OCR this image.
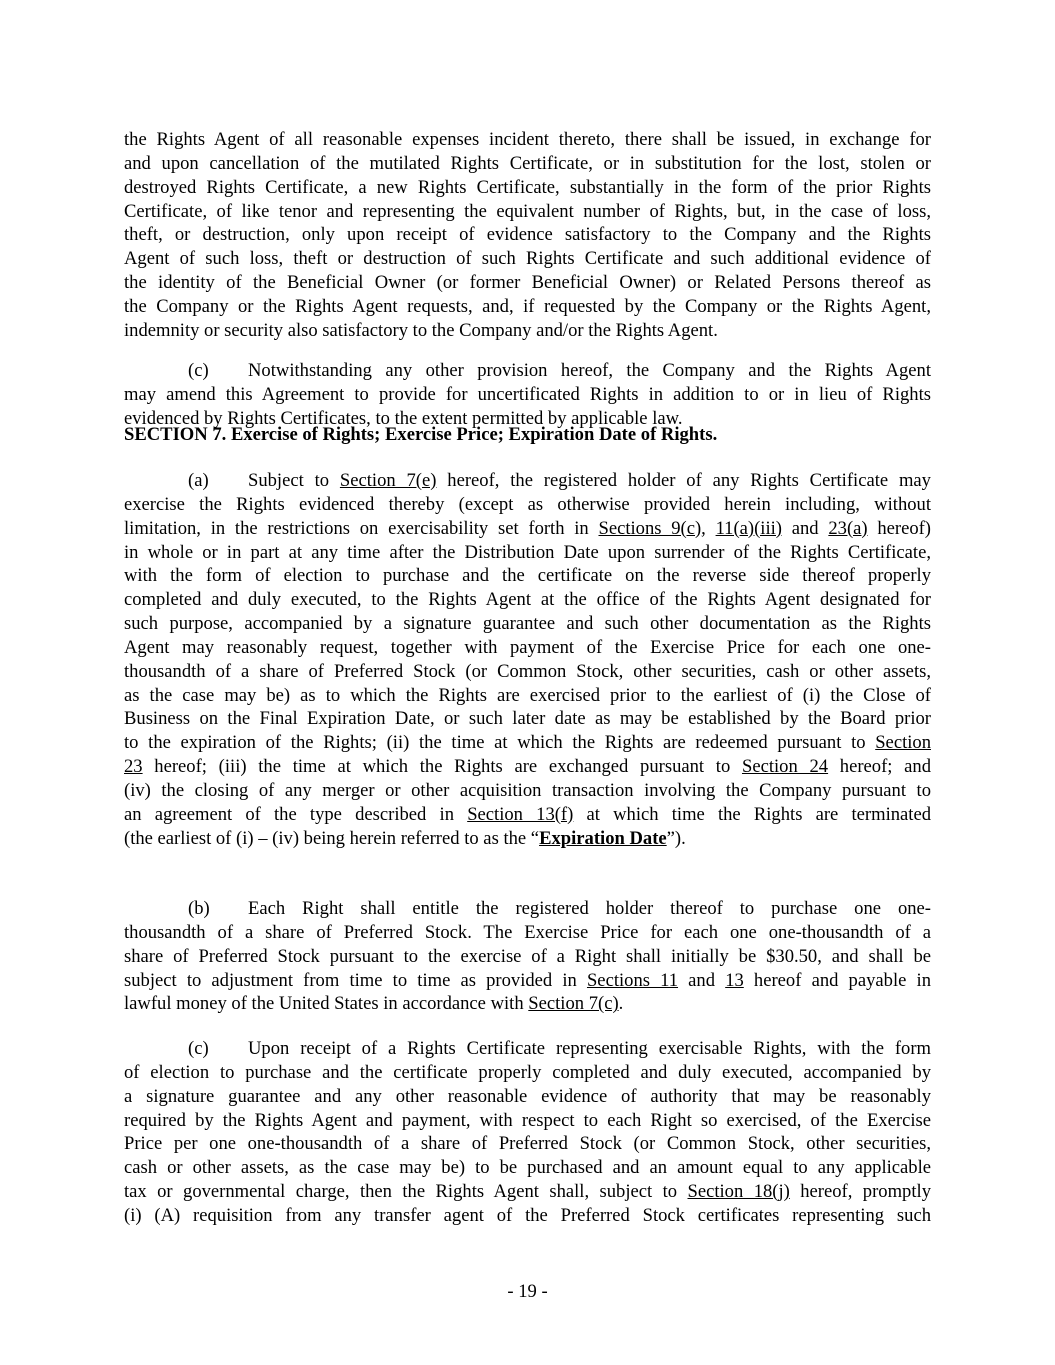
the Rights Agent of all reasonable expenses incident thereto, there shall be issued, in exchange for
and upon cancellation of the mutilated Rights Certificate, or in substitution for the lost, stolen or
destroyed Rights Certificate, a new Rights Certificate, substantially in the form of the prior Rights
Certificate, of like tenor and representing the equivalent number of Rights, but, in the case of loss,
theft, or destruction, only upon receipt of evidence satisfactory to the Company and the Rights
Agent of such loss, theft or destruction of such Rights Certificate and such additional evidence of
the identity of the Beneficial Owner (or former Beneficial Owner) or Related Persons thereof as
the Company or the Rights Agent requests, and, if requested by the Company or the Rights Agent,
indemnity or security also satisfactory to the Company and/or the Rights Agent.
(c) Notwithstanding any other provision hereof, the Company and the Rights Agent
may amend this Agreement to provide for uncertificated Rights in addition to or in lieu of Rights
evidenced by Rights Certificates, to the extent permitted by applicable law.
SECTION 7. Exercise of Rights; Exercise Price; Expiration Date of Rights.
(a) Subject to Section 7(e) hereof, the registered holder of any Rights Certificate may
exercise the Rights evidenced thereby (except as otherwise provided herein including, without
limitation, in the restrictions on exercisability set forth in Sections 9(c), 11(a)(iii) and 23(a) hereof)
in whole or in part at any time after the Distribution Date upon surrender of the Rights Certificate,
with the form of election to purchase and the certificate on the reverse side thereof properly
completed and duly executed, to the Rights Agent at the office of the Rights Agent designated for
such purpose, accompanied by a signature guarantee and such other documentation as the Rights
Agent may reasonably request, together with payment of the Exercise Price for each one one-
thousandth of a share of Preferred Stock (or Common Stock, other securities, cash or other assets,
as the case may be) as to which the Rights are exercised prior to the earliest of (i) the Close of
Business on the Final Expiration Date, or such later date as may be established by the Board prior
to the expiration of the Rights; (ii) the time at which the Rights are redeemed pursuant to Section
23 hereof; (iii) the time at which the Rights are exchanged pursuant to Section 24 hereof; and
(iv) the closing of any merger or other acquisition transaction involving the Company pursuant to
an agreement of the type described in Section 13(f) at which time the Rights are terminated
(the earliest of (i) – (iv) being herein referred to as the “Expiration Date”).
(b) Each Right shall entitle the registered holder thereof to purchase one one-
thousandth of a share of Preferred Stock. The Exercise Price for each one one-thousandth of a
share of Preferred Stock pursuant to the exercise of a Right shall initially be $30.50, and shall be
subject to adjustment from time to time as provided in Sections 11 and 13 hereof and payable in
lawful money of the United States in accordance with Section 7(c).
(c) Upon receipt of a Rights Certificate representing exercisable Rights, with the form
of election to purchase and the certificate properly completed and duly executed, accompanied by
a signature guarantee and any other reasonable evidence of authority that may be reasonably
required by the Rights Agent and payment, with respect to each Right so exercised, of the Exercise
Price per one one-thousandth of a share of Preferred Stock (or Common Stock, other securities,
cash or other assets, as the case may be) to be purchased and an amount equal to any applicable
tax or governmental charge, then the Rights Agent shall, subject to Section 18(j) hereof, promptly
(i) (A) requisition from any transfer agent of the Preferred Stock certificates representing such
- 19 -
